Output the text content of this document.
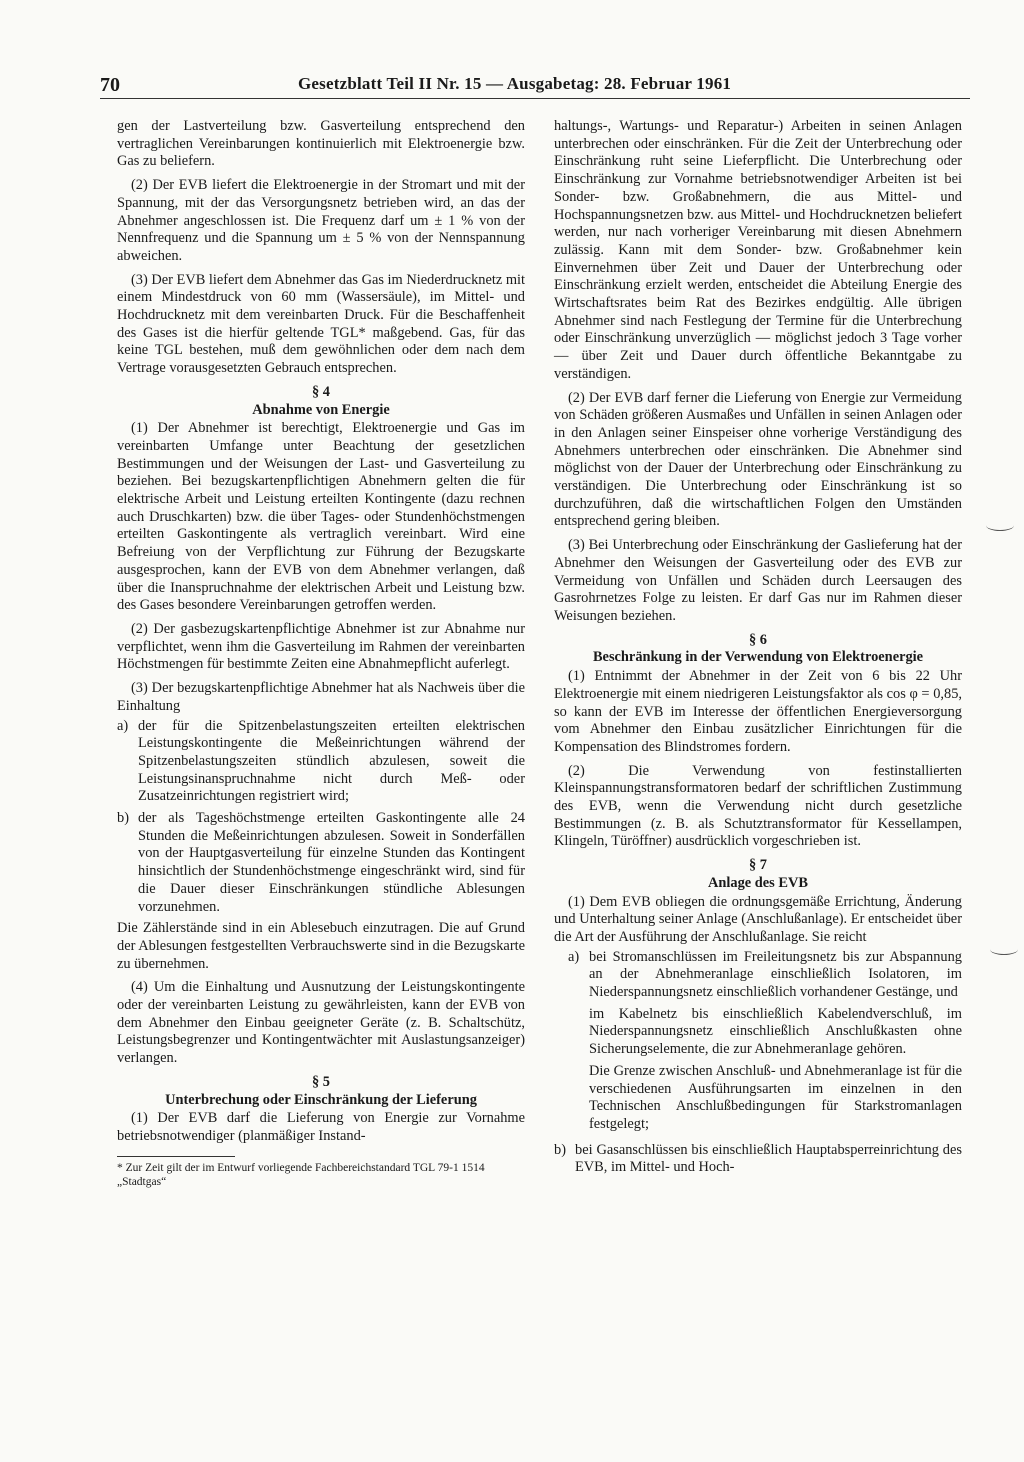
70	Gesetzblatt Teil II Nr. 15 — Ausgabetag: 28. Februar 1961

gen der Lastverteilung bzw. Gasverteilung entsprechend den vertraglichen Vereinbarungen kontinuierlich mit Elektroenergie bzw. Gas zu beliefern.

(2) Der EVB liefert die Elektroenergie in der Stromart und mit der Spannung, mit der das Versorgungsnetz betrieben wird, an das der Abnehmer angeschlossen ist. Die Frequenz darf um ± 1 % von der Nennfrequenz und die Spannung um ± 5 % von der Nennspannung abweichen.

(3) Der EVB liefert dem Abnehmer das Gas im Niederdrucknetz mit einem Mindestdruck von 60 mm (Wassersäule), im Mittel- und Hochdrucknetz mit dem vereinbarten Druck. Für die Beschaffenheit des Gases ist die hierfür geltende TGL* maßgebend. Gas, für das keine TGL bestehen, muß dem gewöhnlichen oder dem nach dem Vertrage vorausgesetzten Gebrauch entsprechen.

§ 4
Abnahme von Energie

(1) Der Abnehmer ist berechtigt, Elektroenergie und Gas im vereinbarten Umfange unter Beachtung der gesetzlichen Bestimmungen und der Weisungen der Last- und Gasverteilung zu beziehen. Bei bezugskartenpflichtigen Abnehmern gelten die für elektrische Arbeit und Leistung erteilten Kontingente (dazu rechnen auch Druschkarten) bzw. die über Tages- oder Stundenhöchstmengen erteilten Gaskontingente als vertraglich vereinbart. Wird eine Befreiung von der Verpflichtung zur Führung der Bezugskarte ausgesprochen, kann der EVB von dem Abnehmer verlangen, daß über die Inanspruchnahme der elektrischen Arbeit und Leistung bzw. des Gases besondere Vereinbarungen getroffen werden.

(2) Der gasbezugskartenpflichtige Abnehmer ist zur Abnahme nur verpflichtet, wenn ihm die Gasverteilung im Rahmen der vereinbarten Höchstmengen für bestimmte Zeiten eine Abnahmepflicht auferlegt.

(3) Der bezugskartenpflichtige Abnehmer hat als Nachweis über die Einhaltung

a) der für die Spitzenbelastungszeiten erteilten elektrischen Leistungskontingente die Meßeinrichtungen während der Spitzenbelastungszeiten stündlich abzulesen, soweit die Leistungsinanspruchnahme nicht durch Meß- oder Zusatzeinrichtungen registriert wird;
b) der als Tageshöchstmenge erteilten Gaskontingente alle 24 Stunden die Meßeinrichtungen abzulesen. Soweit in Sonderfällen von der Hauptgasverteilung für einzelne Stunden das Kontingent hinsichtlich der Stundenhöchstmenge eingeschränkt wird, sind für die Dauer dieser Einschränkungen stündliche Ablesungen vorzunehmen.

Die Zählerstände sind in ein Ablesebuch einzutragen. Die auf Grund der Ablesungen festgestellten Verbrauchswerte sind in die Bezugskarte zu übernehmen.

(4) Um die Einhaltung und Ausnutzung der Leistungskontingente oder der vereinbarten Leistung zu gewährleisten, kann der EVB von dem Abnehmer den Einbau geeigneter Geräte (z. B. Schaltschütz, Leistungsbegrenzer und Kontingentwächter mit Auslastungsanzeiger) verlangen.

§ 5
Unterbrechung oder Einschränkung der Lieferung

(1) Der EVB darf die Lieferung von Energie zur Vornahme betriebsnotwendiger (planmäßiger Instand-

* Zur Zeit gilt der im Entwurf vorliegende Fachbereichstandard TGL 79-1 1514 „Stadtgas“

haltungs-, Wartungs- und Reparatur-) Arbeiten in seinen Anlagen unterbrechen oder einschränken. Für die Zeit der Unterbrechung oder Einschränkung ruht seine Lieferpflicht. Die Unterbrechung oder Einschränkung zur Vornahme betriebsnotwendiger Arbeiten ist bei Sonder- bzw. Großabnehmern, die aus Mittel- und Hochspannungsnetzen bzw. aus Mittel- und Hochdrucknetzen beliefert werden, nur nach vorheriger Vereinbarung mit diesen Abnehmern zulässig. Kann mit dem Sonder- bzw. Großabnehmer kein Einvernehmen über Zeit und Dauer der Unterbrechung oder Einschränkung erzielt werden, entscheidet die Abteilung Energie des Wirtschaftsrates beim Rat des Bezirkes endgültig. Alle übrigen Abnehmer sind nach Festlegung der Termine für die Unterbrechung oder Einschränkung unverzüglich — möglichst jedoch 3 Tage vorher — über Zeit und Dauer durch öffentliche Bekanntgabe zu verständigen.

(2) Der EVB darf ferner die Lieferung von Energie zur Vermeidung von Schäden größeren Ausmaßes und Unfällen in seinen Anlagen oder in den Anlagen seiner Einspeiser ohne vorherige Verständigung des Abnehmers unterbrechen oder einschränken. Die Abnehmer sind möglichst von der Dauer der Unterbrechung oder Einschränkung zu verständigen. Die Unterbrechung oder Einschränkung ist so durchzuführen, daß die wirtschaftlichen Folgen den Umständen entsprechend gering bleiben.

(3) Bei Unterbrechung oder Einschränkung der Gaslieferung hat der Abnehmer den Weisungen der Gasverteilung oder des EVB zur Vermeidung von Unfällen und Schäden durch Leersaugen des Gasrohrnetzes Folge zu leisten. Er darf Gas nur im Rahmen dieser Weisungen beziehen.

§ 6
Beschränkung in der Verwendung von Elektroenergie

(1) Entnimmt der Abnehmer in der Zeit von 6 bis 22 Uhr Elektroenergie mit einem niedrigeren Leistungsfaktor als cos φ = 0,85, so kann der EVB im Interesse der öffentlichen Energieversorgung vom Abnehmer den Einbau zusätzlicher Einrichtungen für die Kompensation des Blindstromes fordern.

(2) Die Verwendung von festinstallierten Kleinspannungstransformatoren bedarf der schriftlichen Zustimmung des EVB, wenn die Verwendung nicht durch gesetzliche Bestimmungen (z. B. als Schutztransformator für Kessellampen, Klingeln, Türöffner) ausdrücklich vorgeschrieben ist.

§ 7
Anlage des EVB

(1) Dem EVB obliegen die ordnungsgemäße Errichtung, Änderung und Unterhaltung seiner Anlage (Anschlußanlage). Er entscheidet über die Art der Ausführung der Anschlußanlage. Sie reicht

a) bei Stromanschlüssen im Freileitungsnetz bis zur Abspannung an der Abnehmeranlage einschließlich Isolatoren, im Niederspannungsnetz einschließlich vorhandener Gestänge, und
im Kabelnetz bis einschließlich Kabelendverschluß, im Niederspannungsnetz einschließlich Anschlußkasten ohne Sicherungselemente, die zur Abnehmeranlage gehören.
Die Grenze zwischen Anschluß- und Abnehmeranlage ist für die verschiedenen Ausführungsarten im einzelnen in den Technischen Anschlußbedingungen für Starkstromanlagen festgelegt;
b) bei Gasanschlüssen bis einschließlich Hauptabsperreinrichtung des EVB, im Mittel- und Hoch-
